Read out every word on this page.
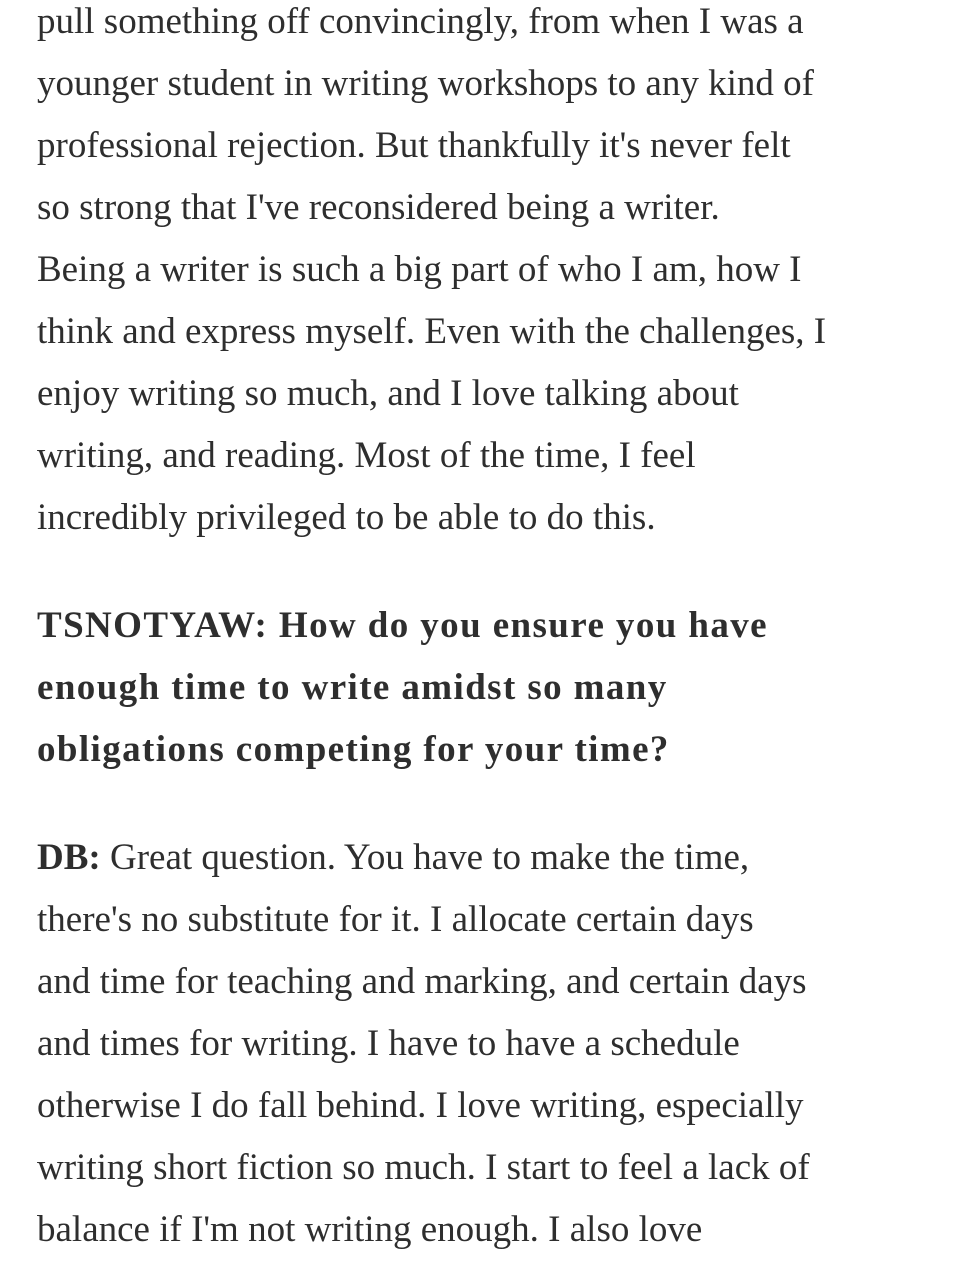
pull something off convincingly, from when I was a
younger student in writing workshops to any kind of
professional rejection. But thankfully it's never felt
so strong that I've reconsidered being a writer.
Being a writer is such a big part of who I am, how I
think and express myself. Even with the challenges, I
enjoy writing so much, and I love talking about
writing, and reading. Most of the time, I feel
incredibly privileged to be able to do this.

TSNOTYAW: How do you ensure you have
enough time to write amidst so many
obligations competing for your time?

DB: Great question. You have to make the time,
there's no substitute for it. I allocate certain days
and time for teaching and marking, and certain days
and times for writing. I have to have a schedule
otherwise I do fall behind. I love writing, especially
writing short fiction so much. I start to feel a lack of
balance if I'm not writing enough. I also love
